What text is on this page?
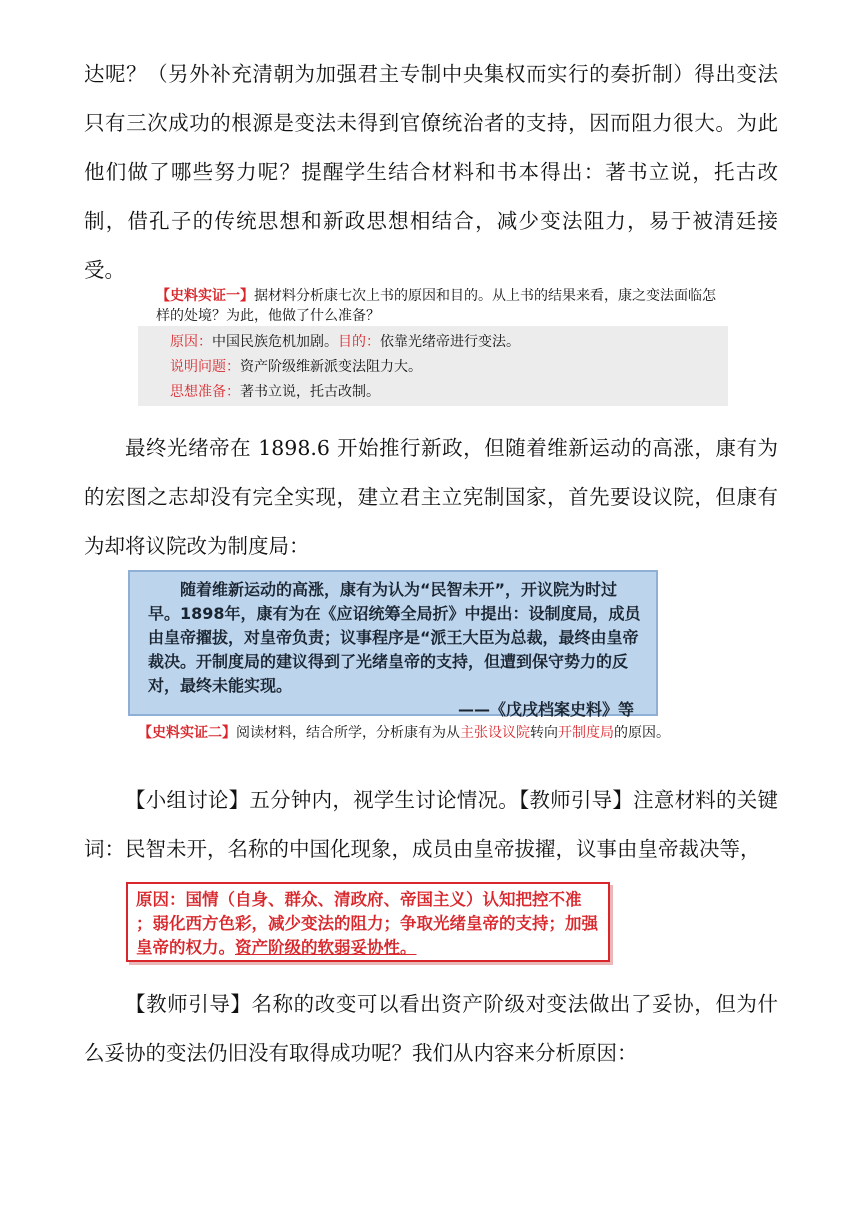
达呢？（另外补充清朝为加强君主专制中央集权而实行的奏折制）得出变法只有三次成功的根源是变法未得到官僚统治者的支持，因而阻力很大。为此他们做了哪些努力呢？提醒学生结合材料和书本得出：著书立说，托古改制，借孔子的传统思想和新政思想相结合，减少变法阻力，易于被清廷接受。

【史料实证一】据材料分析康七次上书的原因和目的。从上书的结果来看，康之变法面临怎样的处境？为此，他做了什么准备？
原因：中国民族危机加剧。目的：依靠光绪帝进行变法。
说明问题：资产阶级维新派变法阻力大。
思想准备：著书立说，托古改制。

最终光绪帝在 1898.6 开始推行新政，但随着维新运动的高涨，康有为的宏图之志却没有完全实现，建立君主立宪制国家，首先要设议院，但康有为却将议院改为制度局：

随着维新运动的高涨，康有为认为“民智未开”，开议院为时过早。1898年，康有为在《应诏统筹全局折》中提出：设制度局，成员由皇帝擢拔，对皇帝负责；议事程序是“派王大臣为总裁，最终由皇帝裁决。开制度局的建议得到了光绪皇帝的支持，但遭到保守势力的反对，最终未能实现。
——《戊戌档案史料》等
【史料实证二】阅读材料，结合所学，分析康有为从主张设议院转向开制度局的原因。

【小组讨论】五分钟内，视学生讨论情况。【教师引导】注意材料的关键词：民智未开，名称的中国化现象，成员由皇帝拔擢，议事由皇帝裁决等，

原因：国情（自身、群众、清政府、帝国主义）认知把控不准 ；弱化西方色彩，减少变法的阻力；争取光绪皇帝的支持；加强皇帝的权力。资产阶级的软弱妥协性。

【教师引导】名称的改变可以看出资产阶级对变法做出了妥协，但为什么妥协的变法仍旧没有取得成功呢？我们从内容来分析原因：
